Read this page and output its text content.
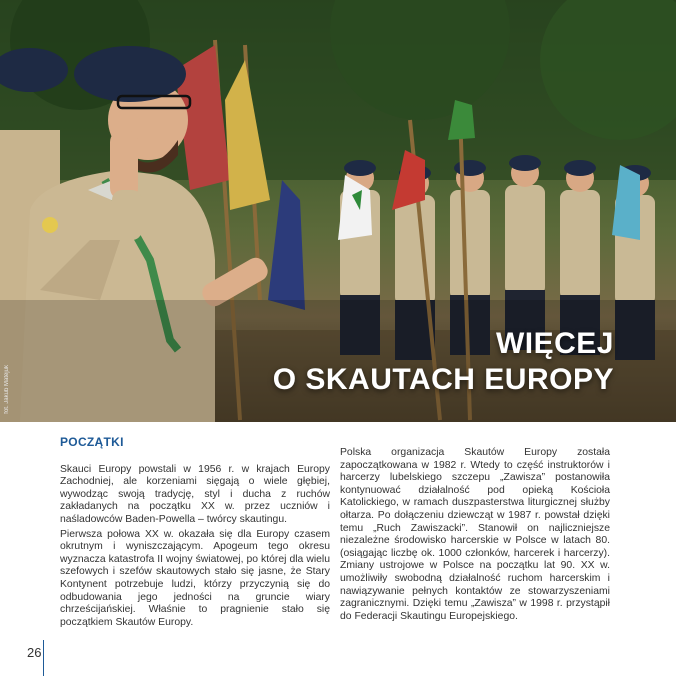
WIĘCEJ
O SKAUTACH EUROPY
fot. Jakub Matejuk
POCZĄTKI

Skauci Europy powstali w 1956 r. w krajach Europy Zachodniej, ale korzeniami sięgają o wiele głębiej, wywodząc swoją tradycję, styl i ducha z ruchów zakładanych na początku XX w. przez uczniów i naśladowców Baden-Powella – twórcy skautingu.

Pierwsza połowa XX w. okazała się dla Europy czasem okrutnym i wyniszczającym. Apogeum tego okresu wyznacza katastrofa II wojny światowej, po której dla wielu szefowych i szefów skautowych stało się jasne, że Stary Kontynent potrzebuje ludzi, którzy przyczynią się do odbudowania jego jedności na gruncie wiary chrześcijańskiej. Właśnie to pragnienie stało się początkiem Skautów Europy.

Polska organizacja Skautów Europy została zapoczątkowana w 1982 r. Wtedy to część instruktorów i harcerzy lubelskiego szczepu „Zawisza” postanowiła kontynuować działalność pod opieką Kościoła Katolickiego, w ramach duszpasterstwa liturgicznej służby ołtarza. Po dołączeniu dziewcząt w 1987 r. powstał dzięki temu „Ruch Zawiszacki”. Stanowił on najliczniejsze niezależne środowisko harcerskie w Polsce w latach 80. (osiągając liczbę ok. 1000 członków, harcerek i harcerzy). Zmiany ustrojowe w Polsce na początku lat 90. XX w. umożliwiły swobodną działalność ruchom harcerskim i nawiązywanie pełnych kontaktów ze stowarzyszeniami zagranicznymi. Dzięki temu „Zawisza” w 1998 r. przystąpił do Federacji Skautingu Europejskiego.

26
